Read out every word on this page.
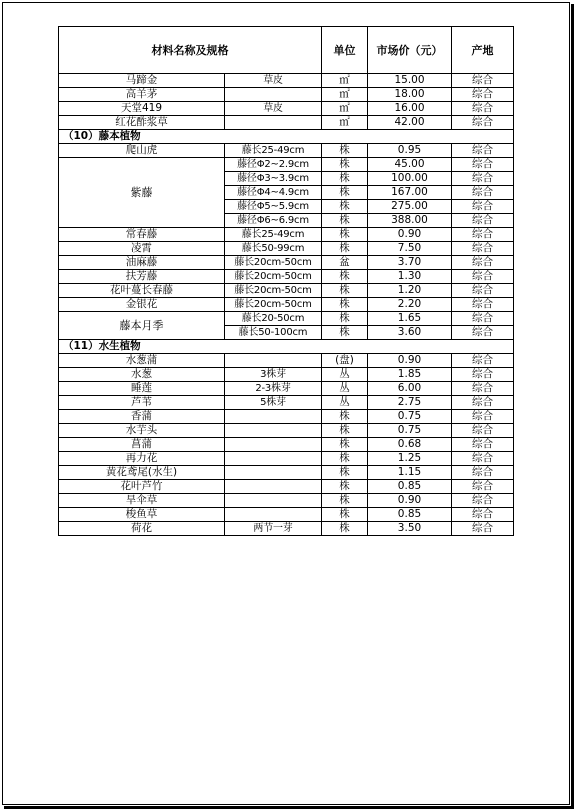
材料名称及规格		单位	市场价（元）	产地
马蹄金	草皮	㎡	15.00	综合
高羊茅		㎡	18.00	综合
天堂419	草皮	㎡	16.00	综合
红花酢浆草		㎡	42.00	综合
（10）藤本植物				
爬山虎	藤长25-49cm	株	0.95	综合
紫藤	藤径Φ2~2.9cm	株	45.00	综合
	藤径Φ3~3.9cm	株	100.00	综合
	藤径Φ4~4.9cm	株	167.00	综合
	藤径Φ5~5.9cm	株	275.00	综合
	藤径Φ6~6.9cm	株	388.00	综合
常春藤	藤长25-49cm	株	0.90	综合
凌霄	藤长50-99cm	株	7.50	综合
油麻藤	藤长20cm-50cm	盆	3.70	综合
扶芳藤	藤长20cm-50cm	株	1.30	综合
花叶蔓长春藤	藤长20cm-50cm	株	1.20	综合
金银花	藤长20cm-50cm	株	2.20	综合
藤本月季	藤长20-50cm	株	1.65	综合
	藤长50-100cm	株	3.60	综合
（11）水生植物				
水葱蒲		(盘)	0.90	综合
水葱	3株芽	丛	1.85	综合
睡莲	2-3株芽	丛	6.00	综合
芦苇	5株芽	丛	2.75	综合
香蒲		株	0.75	综合
水芋头		株	0.75	综合
菖蒲		株	0.68	综合
再力花		株	1.25	综合
黄花鸢尾(水生)		株	1.15	综合
花叶芦竹		株	0.85	综合
旱伞草		株	0.90	综合
梭鱼草		株	0.85	综合
荷花	两节一芽	株	3.50	综合
